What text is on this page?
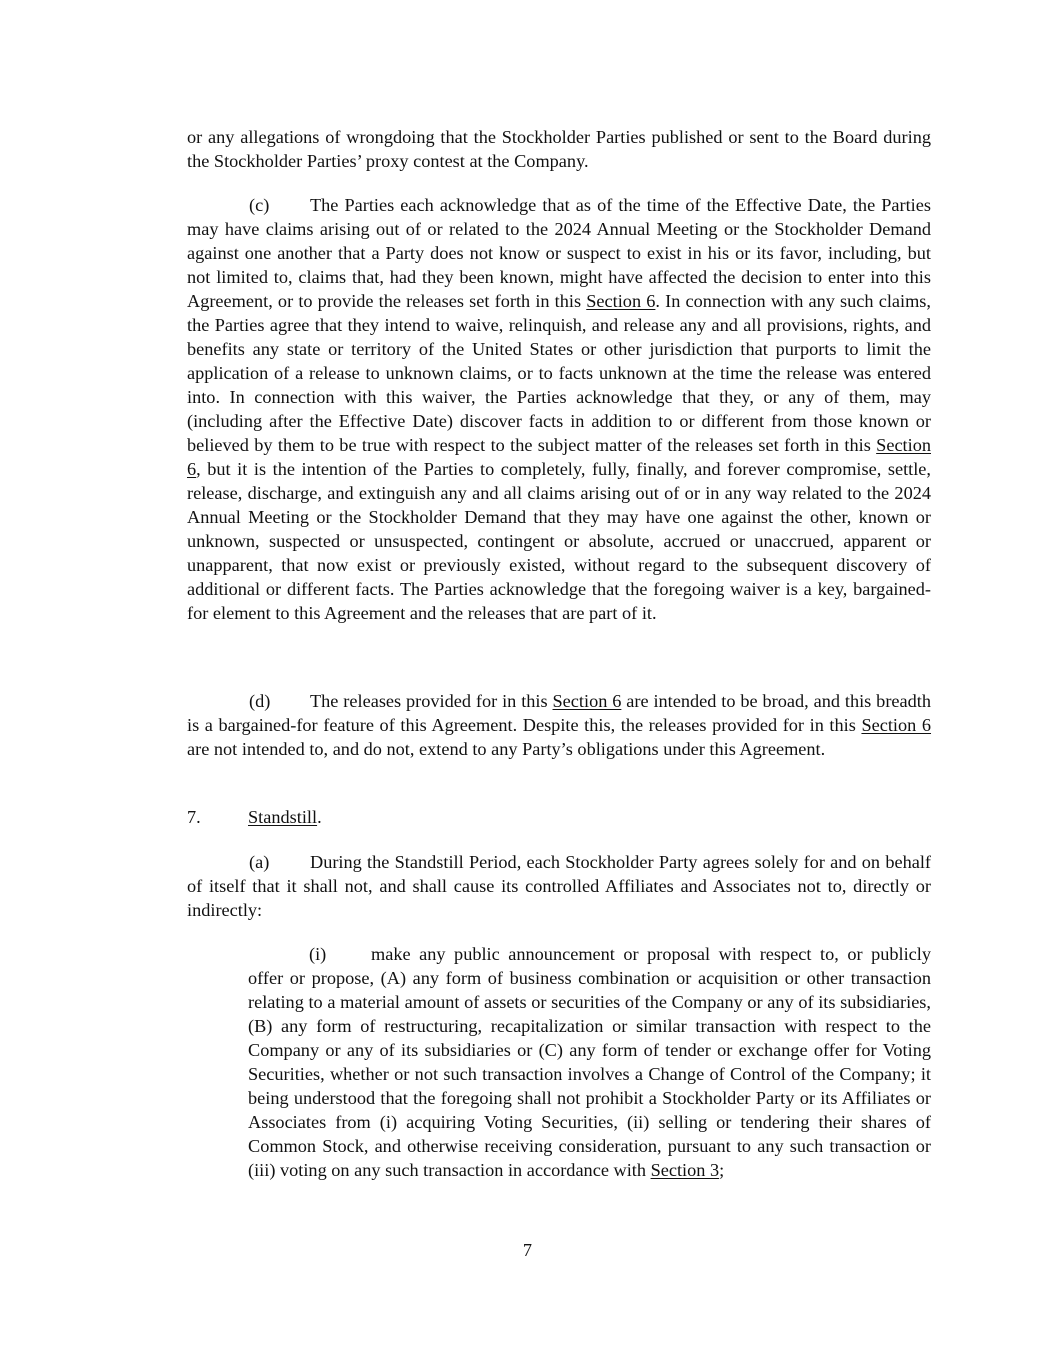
or any allegations of wrongdoing that the Stockholder Parties published or sent to the Board during the Stockholder Parties’ proxy contest at the Company.

(c) The Parties each acknowledge that as of the time of the Effective Date, the Parties may have claims arising out of or related to the 2024 Annual Meeting or the Stockholder Demand against one another that a Party does not know or suspect to exist in his or its favor, including, but not limited to, claims that, had they been known, might have affected the decision to enter into this Agreement, or to provide the releases set forth in this Section 6. In connection with any such claims, the Parties agree that they intend to waive, relinquish, and release any and all provisions, rights, and benefits any state or territory of the United States or other jurisdiction that purports to limit the application of a release to unknown claims, or to facts unknown at the time the release was entered into. In connection with this waiver, the Parties acknowledge that they, or any of them, may (including after the Effective Date) discover facts in addition to or different from those known or believed by them to be true with respect to the subject matter of the releases set forth in this Section 6, but it is the intention of the Parties to completely, fully, finally, and forever compromise, settle, release, discharge, and extinguish any and all claims arising out of or in any way related to the 2024 Annual Meeting or the Stockholder Demand that they may have one against the other, known or unknown, suspected or unsuspected, contingent or absolute, accrued or unaccrued, apparent or unapparent, that now exist or previously existed, without regard to the subsequent discovery of additional or different facts. The Parties acknowledge that the foregoing waiver is a key, bargained-for element to this Agreement and the releases that are part of it.

(d) The releases provided for in this Section 6 are intended to be broad, and this breadth is a bargained-for feature of this Agreement. Despite this, the releases provided for in this Section 6 are not intended to, and do not, extend to any Party’s obligations under this Agreement.

7.	Standstill.

(a) During the Standstill Period, each Stockholder Party agrees solely for and on behalf of itself that it shall not, and shall cause its controlled Affiliates and Associates not to, directly or indirectly:

(i) make any public announcement or proposal with respect to, or publicly offer or propose, (A) any form of business combination or acquisition or other transaction relating to a material amount of assets or securities of the Company or any of its subsidiaries, (B) any form of restructuring, recapitalization or similar transaction with respect to the Company or any of its subsidiaries or (C) any form of tender or exchange offer for Voting Securities, whether or not such transaction involves a Change of Control of the Company; it being understood that the foregoing shall not prohibit a Stockholder Party or its Affiliates or Associates from (i) acquiring Voting Securities, (ii) selling or tendering their shares of Common Stock, and otherwise receiving consideration, pursuant to any such transaction or (iii) voting on any such transaction in accordance with Section 3;

7
